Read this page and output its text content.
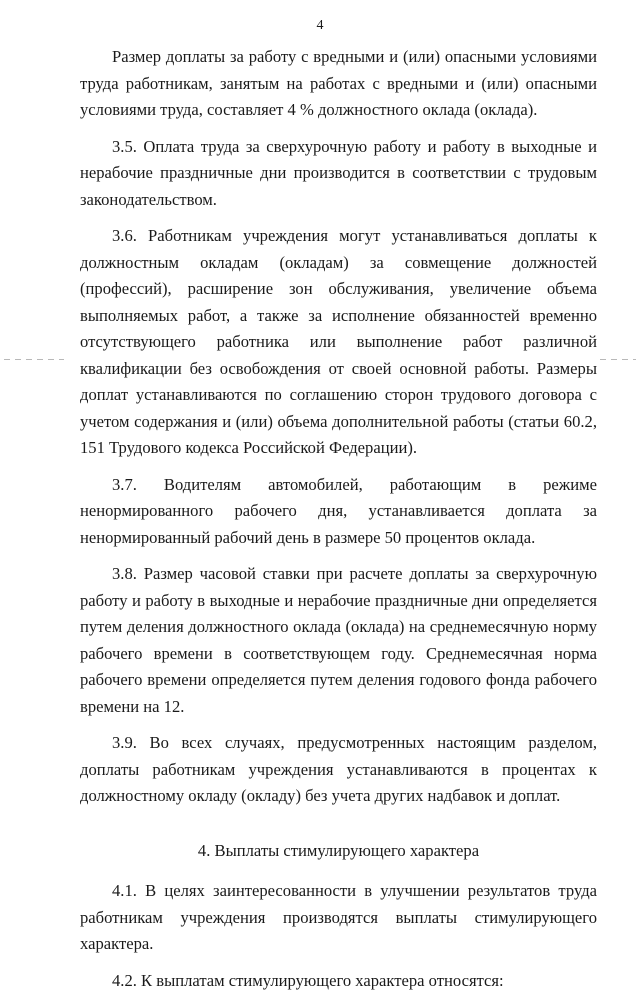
4

Размер доплаты за работу с вредными и (или) опасными условиями труда работникам, занятым на работах с вредными и (или) опасными условиями труда, составляет 4 % должностного оклада (оклада).

3.5. Оплата труда за сверхурочную работу и работу в выходные и нерабочие праздничные дни производится в соответствии с трудовым законодательством.

3.6. Работникам учреждения могут устанавливаться доплаты к должностным окладам (окладам) за совмещение должностей (профессий), расширение зон обслуживания, увеличение объема выполняемых работ, а также за исполнение обязанностей временно отсутствующего работника или выполнение работ различной квалификации без освобождения от своей основной работы. Размеры доплат устанавливаются по соглашению сторон трудового договора с учетом содержания и (или) объема дополнительной работы (статьи 60.2, 151 Трудового кодекса Российской Федерации).

3.7. Водителям автомобилей, работающим в режиме ненормированного рабочего дня, устанавливается доплата за ненормированный рабочий день в размере 50 процентов оклада.

3.8. Размер часовой ставки при расчете доплаты за сверхурочную работу и работу в выходные и нерабочие праздничные дни определяется путем деления должностного оклада (оклада) на среднемесячную норму рабочего времени в соответствующем году. Среднемесячная норма рабочего времени определяется путем деления годового фонда рабочего времени на 12.

3.9. Во всех случаях, предусмотренных настоящим разделом, доплаты работникам учреждения устанавливаются в процентах к должностному окладу (окладу) без учета других надбавок и доплат.

4. Выплаты стимулирующего характера

4.1. В целях заинтересованности в улучшении результатов труда работникам учреждения производятся выплаты стимулирующего характера.

4.2. К выплатам стимулирующего характера относятся:
